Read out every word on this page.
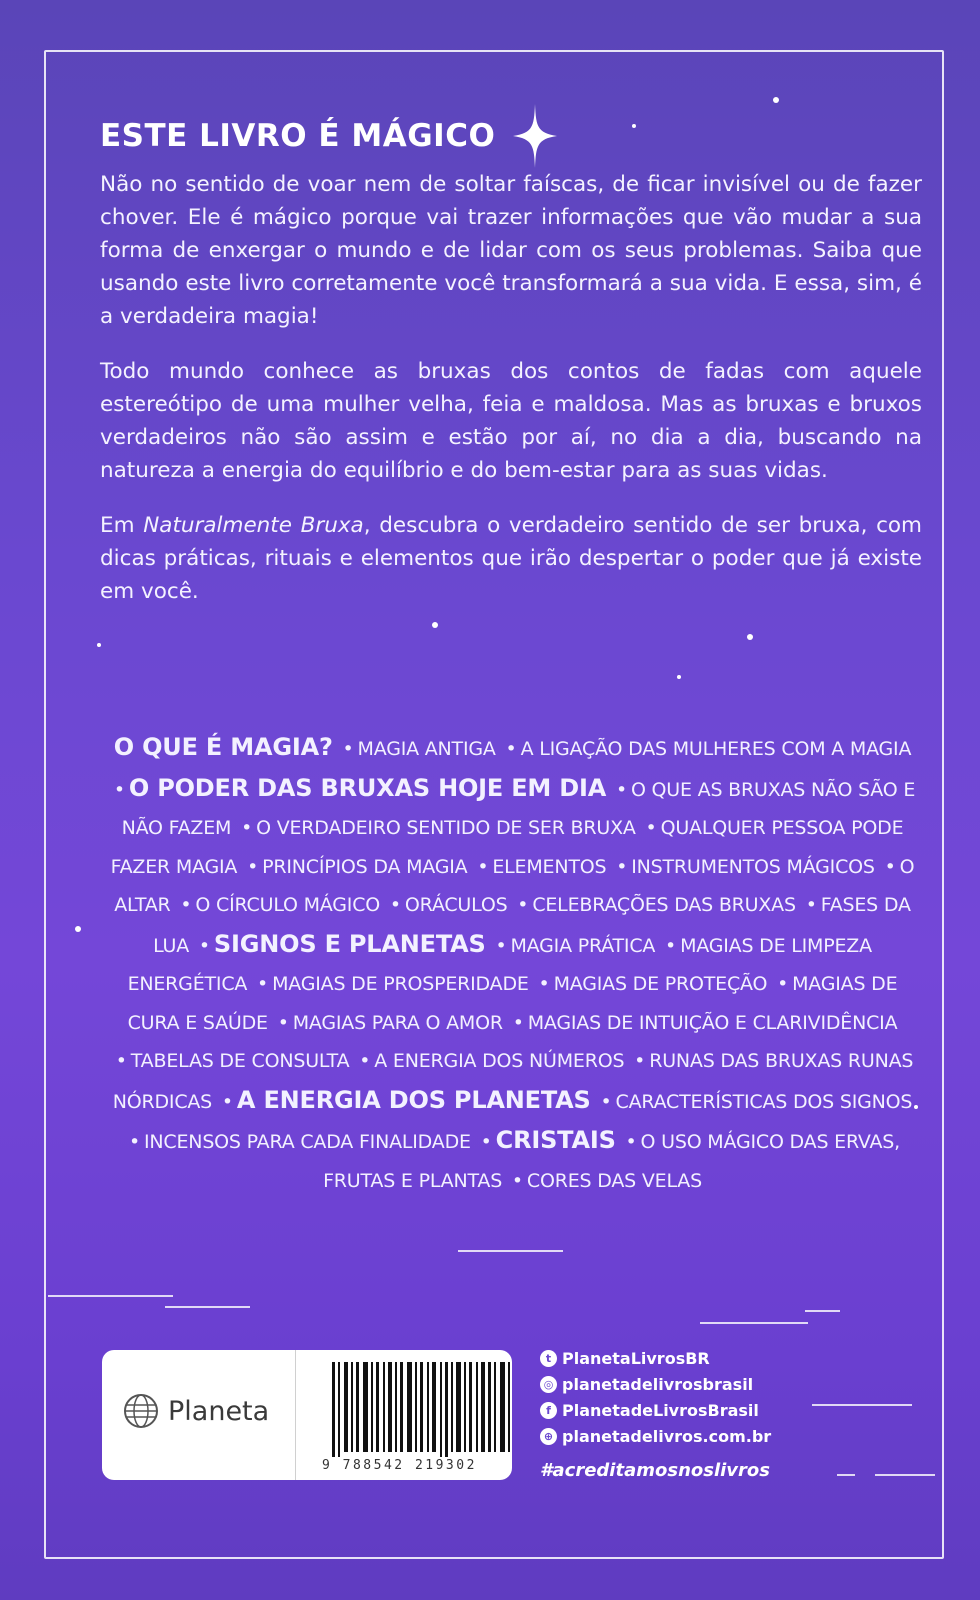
ESTE LIVRO É MÁGICO

Não no sentido de voar nem de soltar faíscas, de ficar invisível ou de fazer chover. Ele é mágico porque vai trazer informações que vão mudar a sua forma de enxergar o mundo e de lidar com os seus problemas. Saiba que usando este livro corretamente você transformará a sua vida. E essa, sim, é a verdadeira magia!

Todo mundo conhece as bruxas dos contos de fadas com aquele estereótipo de uma mulher velha, feia e maldosa. Mas as bruxas e bruxos verdadeiros não são assim e estão por aí, no dia a dia, buscando na natureza a energia do equilíbrio e do bem-estar para as suas vidas.

Em Naturalmente Bruxa, descubra o verdadeiro sentido de ser bruxa, com dicas práticas, rituais e elementos que irão despertar o poder que já existe em você.

O QUE É MAGIA? • MAGIA ANTIGA • A LIGAÇÃO DAS MULHERES COM A MAGIA • O PODER DAS BRUXAS HOJE EM DIA • O QUE AS BRUXAS NÃO SÃO E NÃO FAZEM • O VERDADEIRO SENTIDO DE SER BRUXA • QUALQUER PESSOA PODE FAZER MAGIA • PRINCÍPIOS DA MAGIA • ELEMENTOS • INSTRUMENTOS MÁGICOS • O ALTAR • O CÍRCULO MÁGICO • ORÁCULOS • CELEBRAÇÕES DAS BRUXAS • FASES DA LUA • SIGNOS E PLANETAS • MAGIA PRÁTICA • MAGIAS DE LIMPEZA ENERGÉTICA • MAGIAS DE PROSPERIDADE • MAGIAS DE PROTEÇÃO • MAGIAS DE CURA E SAÚDE • MAGIAS PARA O AMOR • MAGIAS DE INTUIÇÃO E CLARIVIDÊNCIA • TABELAS DE CONSULTA • A ENERGIA DOS NÚMEROS • RUNAS DAS BRUXAS RUNAS NÓRDICAS • A ENERGIA DOS PLANETAS • CARACTERÍSTICAS DOS SIGNOS • INCENSOS PARA CADA FINALIDADE • CRISTAIS • O USO MÁGICO DAS ERVAS, FRUTAS E PLANTAS • CORES DAS VELAS

Planeta
9 788542 219302
t PlanetaLivrosBR
◎ planetadelivrosbrasil
f PlanetadeLivrosBrasil
⊕ planetadelivros.com.br
#acreditamosnoslivros
